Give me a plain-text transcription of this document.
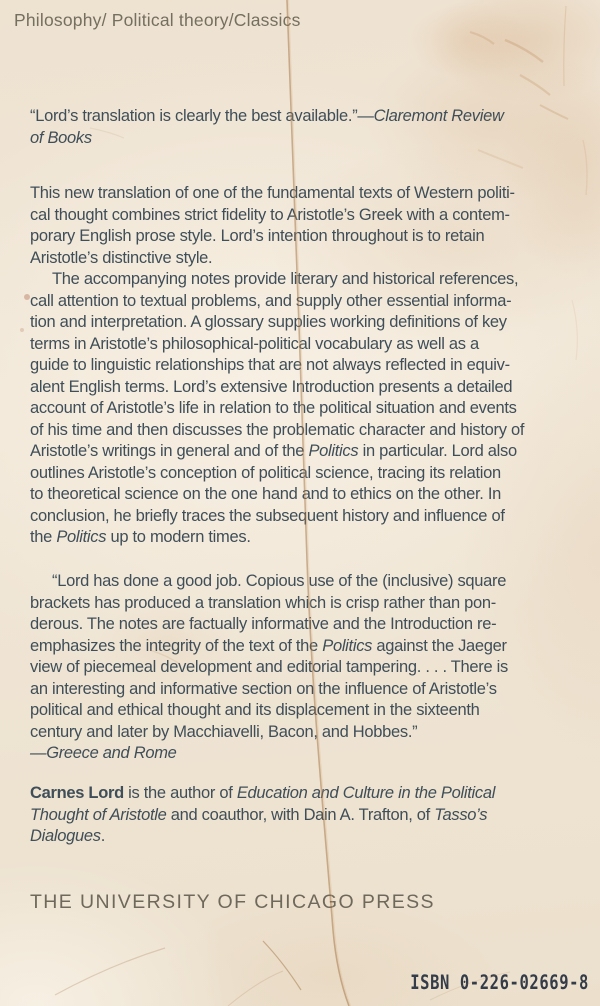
Philosophy/ Political theory/Classics
“Lord’s translation is clearly the best available.”—Claremont Review
of Books
This new translation of one of the fundamental texts of Western politi-
cal thought combines strict fidelity to Aristotle’s Greek with a contem-
porary English prose style. Lord’s intention throughout is to retain
Aristotle’s distinctive style.
The accompanying notes provide literary and historical references,
call attention to textual problems, and supply other essential informa-
tion and interpretation. A glossary supplies working definitions of key
terms in Aristotle’s philosophical-political vocabulary as well as a
guide to linguistic relationships that are not always reflected in equiv-
alent English terms. Lord’s extensive Introduction presents a detailed
account of Aristotle’s life in relation to the political situation and events
of his time and then discusses the problematic character and history of
Aristotle’s writings in general and of the Politics in particular. Lord also
outlines Aristotle’s conception of political science, tracing its relation
to theoretical science on the one hand and to ethics on the other. In
conclusion, he briefly traces the subsequent history and influence of
the Politics up to modern times.
“Lord has done a good job. Copious use of the (inclusive) square
brackets has produced a translation which is crisp rather than pon-
derous. The notes are factually informative and the Introduction re-
emphasizes the integrity of the text of the Politics against the Jaeger
view of piecemeal development and editorial tampering. . . . There is
an interesting and informative section on the influence of Aristotle’s
political and ethical thought and its displacement in the sixteenth
century and later by Macchiavelli, Bacon, and Hobbes.”
—Greece and Rome
Carnes Lord is the author of Education and Culture in the Political
Thought of Aristotle and coauthor, with Dain A. Trafton, of Tasso’s
Dialogues.
THE UNIVERSITY OF CHICAGO PRESS
ISBN 0-226-02669-8
